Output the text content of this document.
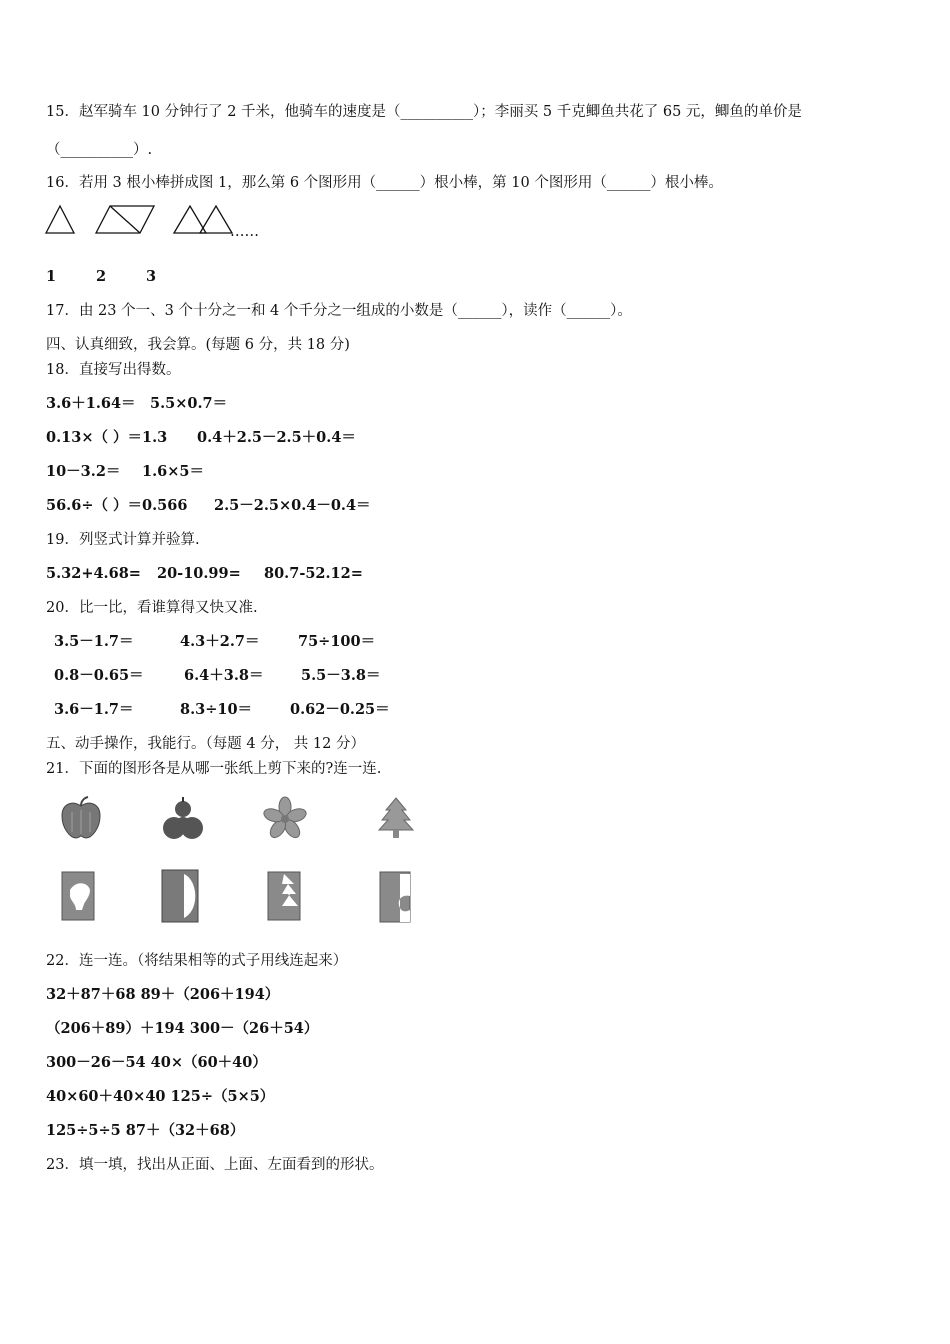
15．赵军骑车 10 分钟行了 2 千米，他骑车的速度是（__________）；李丽买 5 千克鲫鱼共花了 65 元，鲫鱼的单价是
（__________）.
16．若用 3 根小棒拼成图 1，那么第 6 个图形用（______）根小棒，第 10 个图形用（______）根小棒。
……
1	2	3
17．由 23 个一、3 个十分之一和 4 个千分之一组成的小数是（______），读作（______）。
四、认真细致，我会算。(每题 6 分，共 18 分)
18．直接写出得数。
3.6＋1.64＝ 5.5×0.7＝
0.13×（ ）＝1.3 0.4＋2.5－2.5＋0.4＝
10－3.2＝ 1.6×5＝
56.6÷（ ）＝0.566 2.5－2.5×0.4－0.4＝
19．列竖式计算并验算.
5.32+4.68= 20-10.99= 80.7-52.12=
20．比一比，看谁算得又快又准.
3.5－1.7＝	4.3＋2.7＝	75÷100＝
0.8－0.65＝	6.4＋3.8＝	5.5－3.8＝
3.6－1.7＝	8.3÷10＝	0.62－0.25＝
五、动手操作，我能行。（每题 4 分， 共 12 分）
21．下面的图形各是从哪一张纸上剪下来的?连一连.
22．连一连。（将结果相等的式子用线连起来）
32＋87＋68 89＋（206＋194）
（206＋89）＋194 300－（26＋54）
300－26－54 40×（60＋40）
40×60＋40×40 125÷（5×5）
125÷5÷5 87＋（32＋68）
23．填一填，找出从正面、上面、左面看到的形状。
